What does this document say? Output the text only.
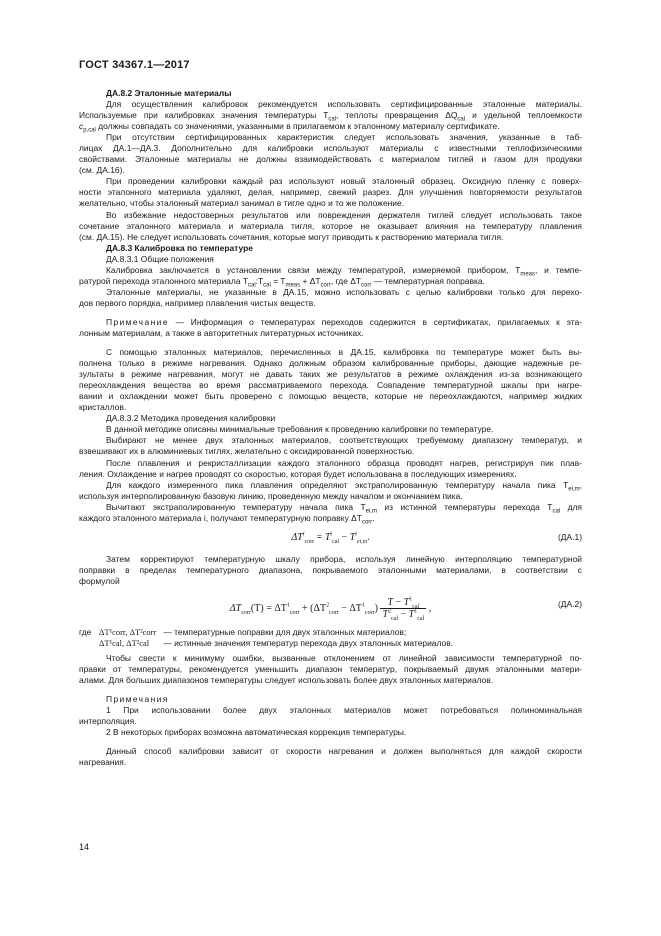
ГОСТ 34367.1—2017

ДА.8.2 Эталонные материалы

Для осуществления калибровок рекомендуется использовать сертифицированные эталонные материалы.
Используемые при калибровках значения температуры $T_{cal}$, теплоты превращения $\Delta Q_{cal}$ и удельной теплоемкости
$c_{p,cal}$ должны совпадать со значениями, указанными в прилагаемом к эталонному материалу сертификате.

При отсутствии сертифицированных характеристик следует использовать значения, указанные в таб-
лицах ДА.1—ДА.3. Дополнительно для калибровки используют материалы с известными теплофизическими
свойствами. Эталонные материалы не должны взаимодействовать с материалом тиглей и газом для продувки
(см. ДА.16).

При проведении калибровки каждый раз используют новый эталонный образец. Оксидную пленку с поверх-
ности эталонного материала удаляют, делая, например, свежий разрез. Для улучшения повторяемости результатов
желательно, чтобы эталонный материал занимал в тигле одно и то же положение.

Во избежание недостоверных результатов или повреждения держателя тиглей следует использовать такое
сочетание эталонного материала и материала тигля, которое не оказывает влияния на температуру плавления
(см. ДА.15). Не следует использовать сочетания, которые могут приводить к растворению материала тигля.

ДА.8.3 Калибровка по температуре

ДА.8.3.1 Общие положения

Калибровка заключается в установлении связи между температурой, измеряемой прибором, $T_{meas}$, и темпе-
ратурой перехода эталонного материала $T_{cal}:T_{cal} = T_{meas} + \Delta T_{corr}$, где $\Delta T_{corr}$ — температурная поправка.

Эталонные материалы, не указанные в ДА.15, можно использовать с целью калибровки только для перехо-
дов первого порядка, например плавления чистых веществ.

Примечание — Информация о температурах переходов содержится в сертификатах, прилагаемых к эта-
лонным материалам, а также в авторитетных литературных источниках.

С помощью эталонных материалов, перечисленных в ДА.15, калибровка по температуре может быть вы-
полнена только в режиме нагревания. Однако должным образом калиброванные приборы, дающие надежные ре-
зультаты в режиме нагревания, могут не давать таких же результатов в режиме охлаждения из-за возникающего
переохлаждения вещества во время рассматриваемого перехода. Совпадение температурной шкалы при нагре-
вании и охлаждении может быть проверено с помощью веществ, которые не переохлаждаются, например жидких
кристаллов.

ДА.8.3.2 Методика проведения калибровки

В данной методике описаны минимальные требования к проведению калибровки по температуре.

Выбирают не менее двух эталонных материалов, соответствующих требуемому диапазону температур, и
взвешивают их в алюминиевых тиглях, желательно с оксидированной поверхностью.

После плавления и рекристаллизации каждого эталонного образца проводят нагрев, регистрируя пик плав-
ления. Охлаждение и нагрев проводят со скоростью, которая будет использована в последующих измерениях.

Для каждого измеренного пика плавления определяют экстраполированную температуру начала пика $T_{ei,m}$,
используя интерполированную базовую линию, проведенную между началом и окончанием пика.

Вычитают экстраполированную температуру начала пика $T_{ei,m}$ из истинной температуры перехода $T_{cal}$ для
каждого эталонного материала i, получают температурную поправку $\Delta T_{corr}$.

$\Delta T^i_{corr} = T^i_{cal} - T^i_{ei,m}$.	(ДА.1)

Затем корректируют температурную шкалу прибора, используя линейную интерполяцию температурной
поправки в пределах температурного диапазона, покрываемого эталонными материалами, в соответствии с
формулой

$\Delta T_{corr}(T) = \Delta T^1_{corr} + (\Delta T^2_{corr} - \Delta T^1_{corr}) \frac{T - T^1_{cal}}{T^2_{cal} - T^1_{cal}}$ ,	(ДА.2)

где ΔT¹corr, ΔT²corr — температурные поправки для двух эталонных материалов;

ΔT¹cal, ΔT²cal — истинные значения температур перехода двух эталонных материалов.

Чтобы свести к минимуму ошибки, вызванные отклонением от линейной зависимости температурной по-
правки от температуры, рекомендуется уменьшить диапазон температур, покрываемый двумя эталонными матери-
алами. Для больших диапазонов температуры следует использовать более двух эталонных материалов.

Примечания

1 При использовании более двух эталонных материалов может потребоваться полиноминальная
интерполяция.

2 В некоторых приборах возможна автоматическая коррекция температуры.

Данный способ калибровки зависит от скорости нагревания и должен выполняться для каждой скорости
нагревания.

14
